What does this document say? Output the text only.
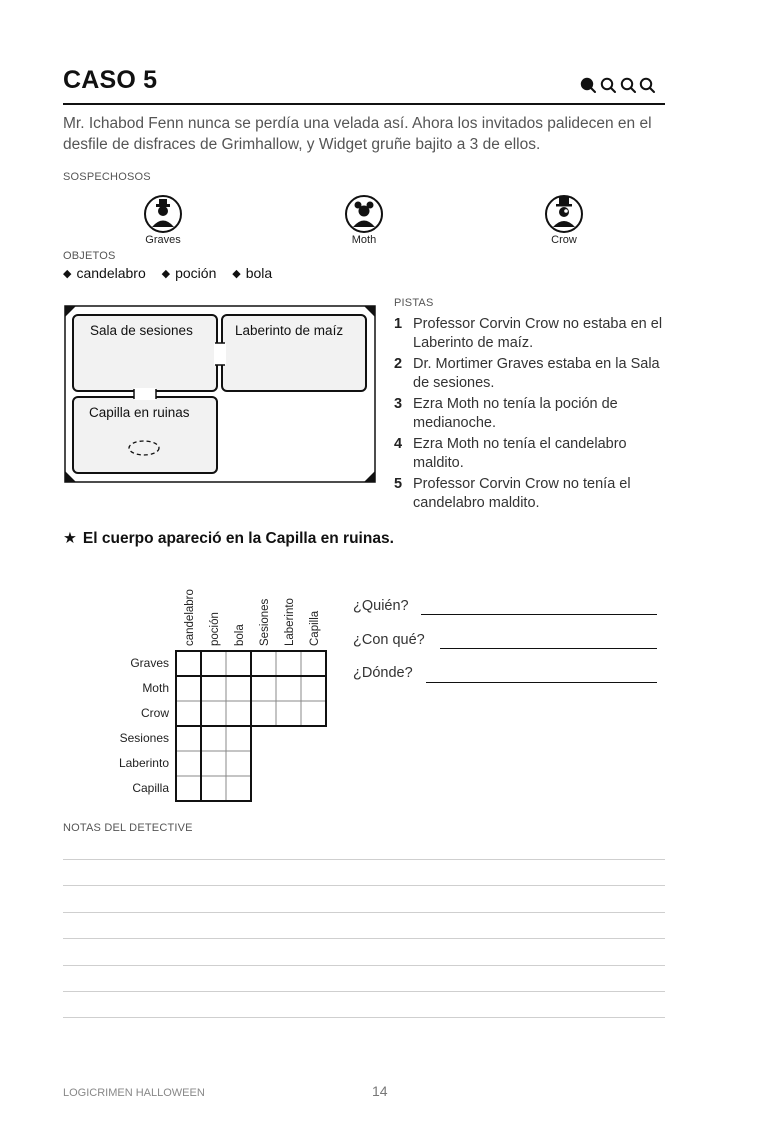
CASO 5
Mr. Ichabod Fenn nunca se perdía una velada así. Ahora los invitados palidecen en el desfile de disfraces de Grimhallow, y Widget gruñe bajito a 3 de ellos.
SOSPECHOSOS
Graves	Moth	Crow
OBJETOS
◆ candelabro ◆ poción ◆ bola
Sala de sesiones	Laberinto de maíz
Capilla en ruinas
PISTAS
1 Professor Corvin Crow no estaba en el Laberinto de maíz.
2 Dr. Mortimer Graves estaba en la Sala de sesiones.
3 Ezra Moth no tenía la poción de medianoche.
4 Ezra Moth no tenía el candelabro maldito.
5 Professor Corvin Crow no tenía el candelabro maldito.
★ El cuerpo apareció en la Capilla en ruinas.
candelabro poción bola Sesiones Laberinto Capilla
Graves
Moth
Crow
Sesiones
Laberinto
Capilla
¿Quién?
¿Con qué?
¿Dónde?
NOTAS DEL DETECTIVE
LOGICRIMEN HALLOWEEN	14
